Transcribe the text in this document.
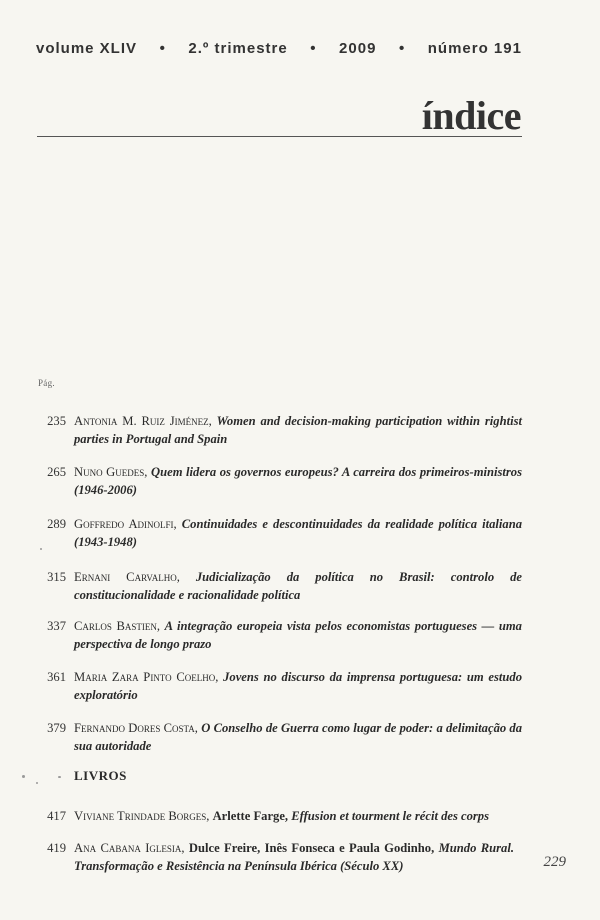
volume XLIV • 2.º trimestre • 2009 • número 191
índice
Pág.
235 Antonia M. Ruiz Jiménez, Women and decision-making participation within rightist parties in Portugal and Spain
265 Nuno Guedes, Quem lidera os governos europeus? A carreira dos primeiros-ministros (1946-2006)
289 Goffredo Adinolfi, Continuidades e descontinuidades da realidade política italiana (1943-1948)
315 Ernani Carvalho, Judicialização da política no Brasil: controlo de constitucionalidade e racionalidade política
337 Carlos Bastien, A integração europeia vista pelos economistas portugueses — uma perspectiva de longo prazo
361 Maria Zara Pinto Coelho, Jovens no discurso da imprensa portuguesa: um estudo exploratório
379 Fernando Dores Costa, O Conselho de Guerra como lugar de poder: a delimitação da sua autoridade
LIVROS
417 Viviane Trindade Borges, Arlette Farge, Effusion et tourment le récit des corps
419 Ana Cabana Iglesia, Dulce Freire, Inês Fonseca e Paula Godinho, Mundo Rural. Transformação e Resistência na Península Ibérica (Século XX)	229
